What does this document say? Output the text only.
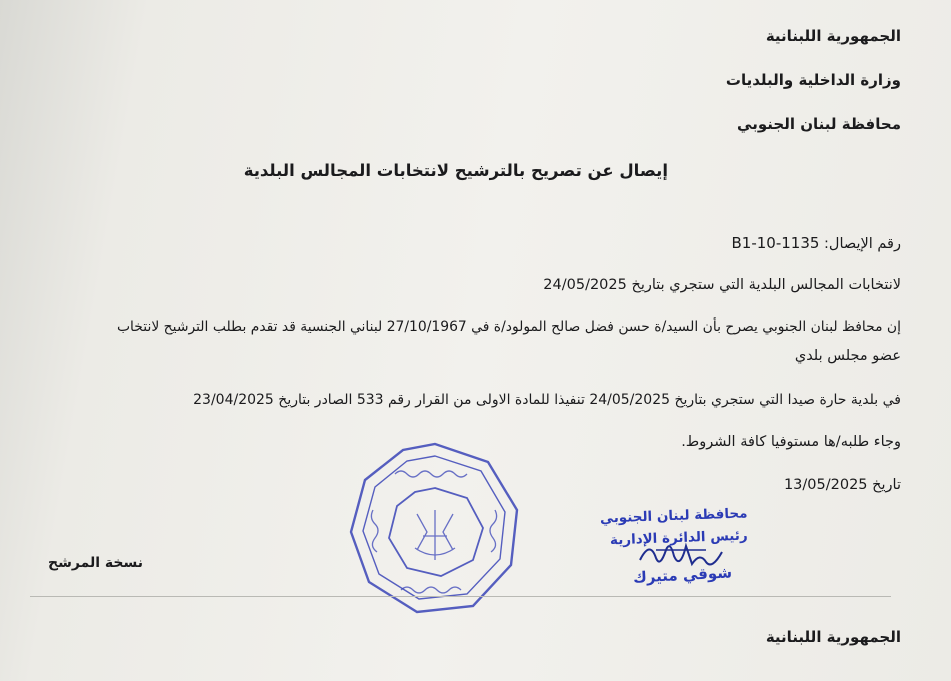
الجمهورية اللبنانية
وزارة الداخلية والبلديات
محافظة لبنان الجنوبي
إيصال عن تصريح بالترشيح لانتخابات المجالس البلدية
رقم الإيصال: B1-10-1135
لانتخابات المجالس البلدية التي ستجري بتاريخ 24/05/2025
إن محافظ لبنان الجنوبي يصرح بأن السيد/ة حسن فضل صالح المولود/ة في 27/10/1967 لبناني الجنسية قد تقدم بطلب الترشيح لانتخاب
عضو مجلس بلدي
في بلدية حارة صيدا التي ستجري بتاريخ 24/05/2025 تنفيذا للمادة الاولى من القرار رقم 533 الصادر بتاريخ 23/04/2025
وجاء طلبه/ها مستوفيا كافة الشروط.
تاريخ 13/05/2025
نسخة المرشح
محافظة لبنان الجنوبي
رئيس الدائرة الإدارية
شوقي متيرك
الجمهورية اللبنانية
